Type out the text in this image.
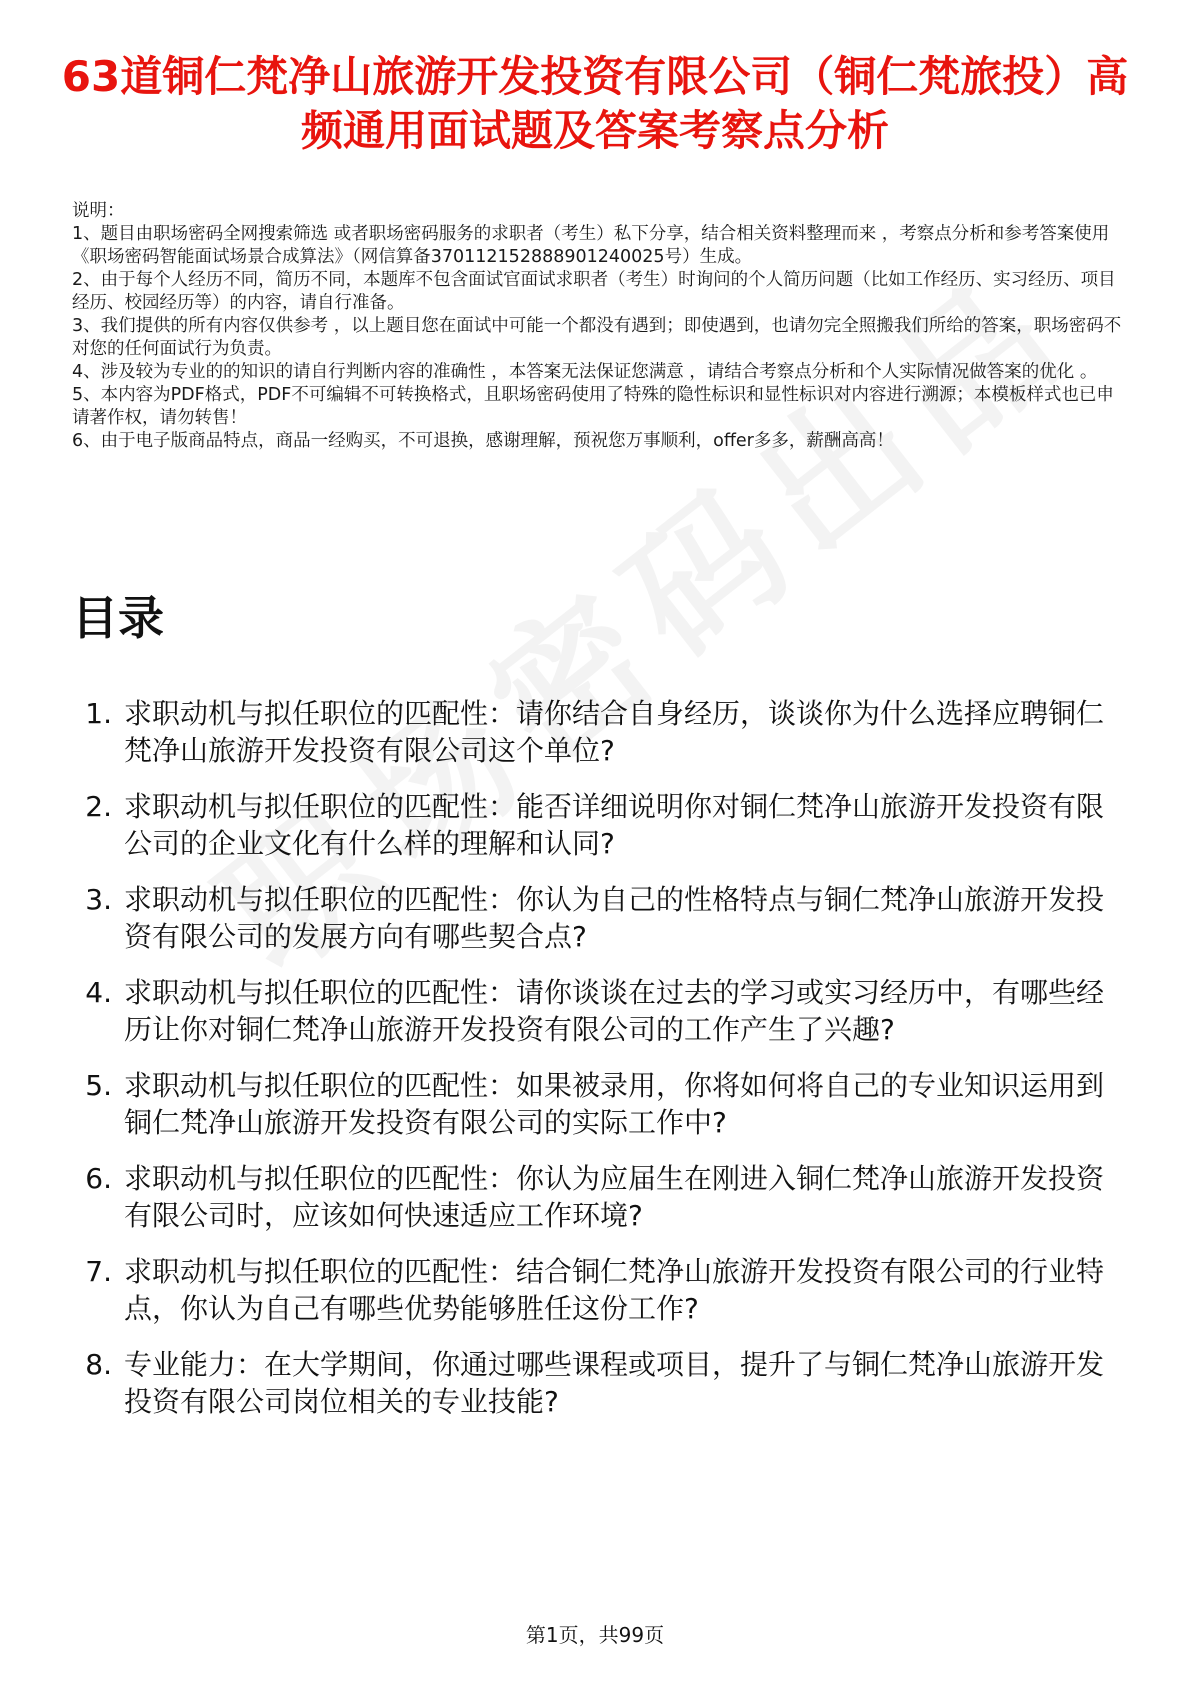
63道铜仁梵净山旅游开发投资有限公司（铜仁梵旅投）高频通用面试题及答案考察点分析

说明：

1、题目由职场密码全网搜索筛选 或者职场密码服务的求职者（考生）私下分享，结合相关资料整理而来 ，考察点分析和参考答案使用《职场密码智能面试场景合成算法》（网信算备370112152888901240025号）生成。

2、由于每个人经历不同，简历不同，本题库不包含面试官面试求职者（考生）时询问的个人简历问题（比如工作经历、实习经历、项目经历、校园经历等）的内容，请自行准备。

3、我们提供的所有内容仅供参考 ，以上题目您在面试中可能一个都没有遇到；即使遇到，也请勿完全照搬我们所给的答案，职场密码不对您的任何面试行为负责。

4、涉及较为专业的的知识的请自行判断内容的准确性 ，本答案无法保证您满意 ，请结合考察点分析和个人实际情况做答案的优化 。

5、本内容为PDF格式，PDF不可编辑不可转换格式，且职场密码使用了特殊的隐性标识和显性标识对内容进行溯源；本模板样式也已申请著作权，请勿转售！

6、由于电子版商品特点，商品一经购买，不可退换，感谢理解，预祝您万事顺利，offer多多，薪酬高高！

目录
1. 求职动机与拟任职位的匹配性：请你结合自身经历，谈谈你为什么选择应聘铜仁梵净山旅游开发投资有限公司这个单位?
2. 求职动机与拟任职位的匹配性：能否详细说明你对铜仁梵净山旅游开发投资有限公司的企业文化有什么样的理解和认同?
3. 求职动机与拟任职位的匹配性：你认为自己的性格特点与铜仁梵净山旅游开发投资有限公司的发展方向有哪些契合点?
4. 求职动机与拟任职位的匹配性：请你谈谈在过去的学习或实习经历中，有哪些经历让你对铜仁梵净山旅游开发投资有限公司的工作产生了兴趣?
5. 求职动机与拟任职位的匹配性：如果被录用，你将如何将自己的专业知识运用到铜仁梵净山旅游开发投资有限公司的实际工作中?
6. 求职动机与拟任职位的匹配性：你认为应届生在刚进入铜仁梵净山旅游开发投资有限公司时，应该如何快速适应工作环境?
7. 求职动机与拟任职位的匹配性：结合铜仁梵净山旅游开发投资有限公司的行业特点，你认为自己有哪些优势能够胜任这份工作?
8. 专业能力：在大学期间，你通过哪些课程或项目，提升了与铜仁梵净山旅游开发投资有限公司岗位相关的专业技能?
第1页，共99页
